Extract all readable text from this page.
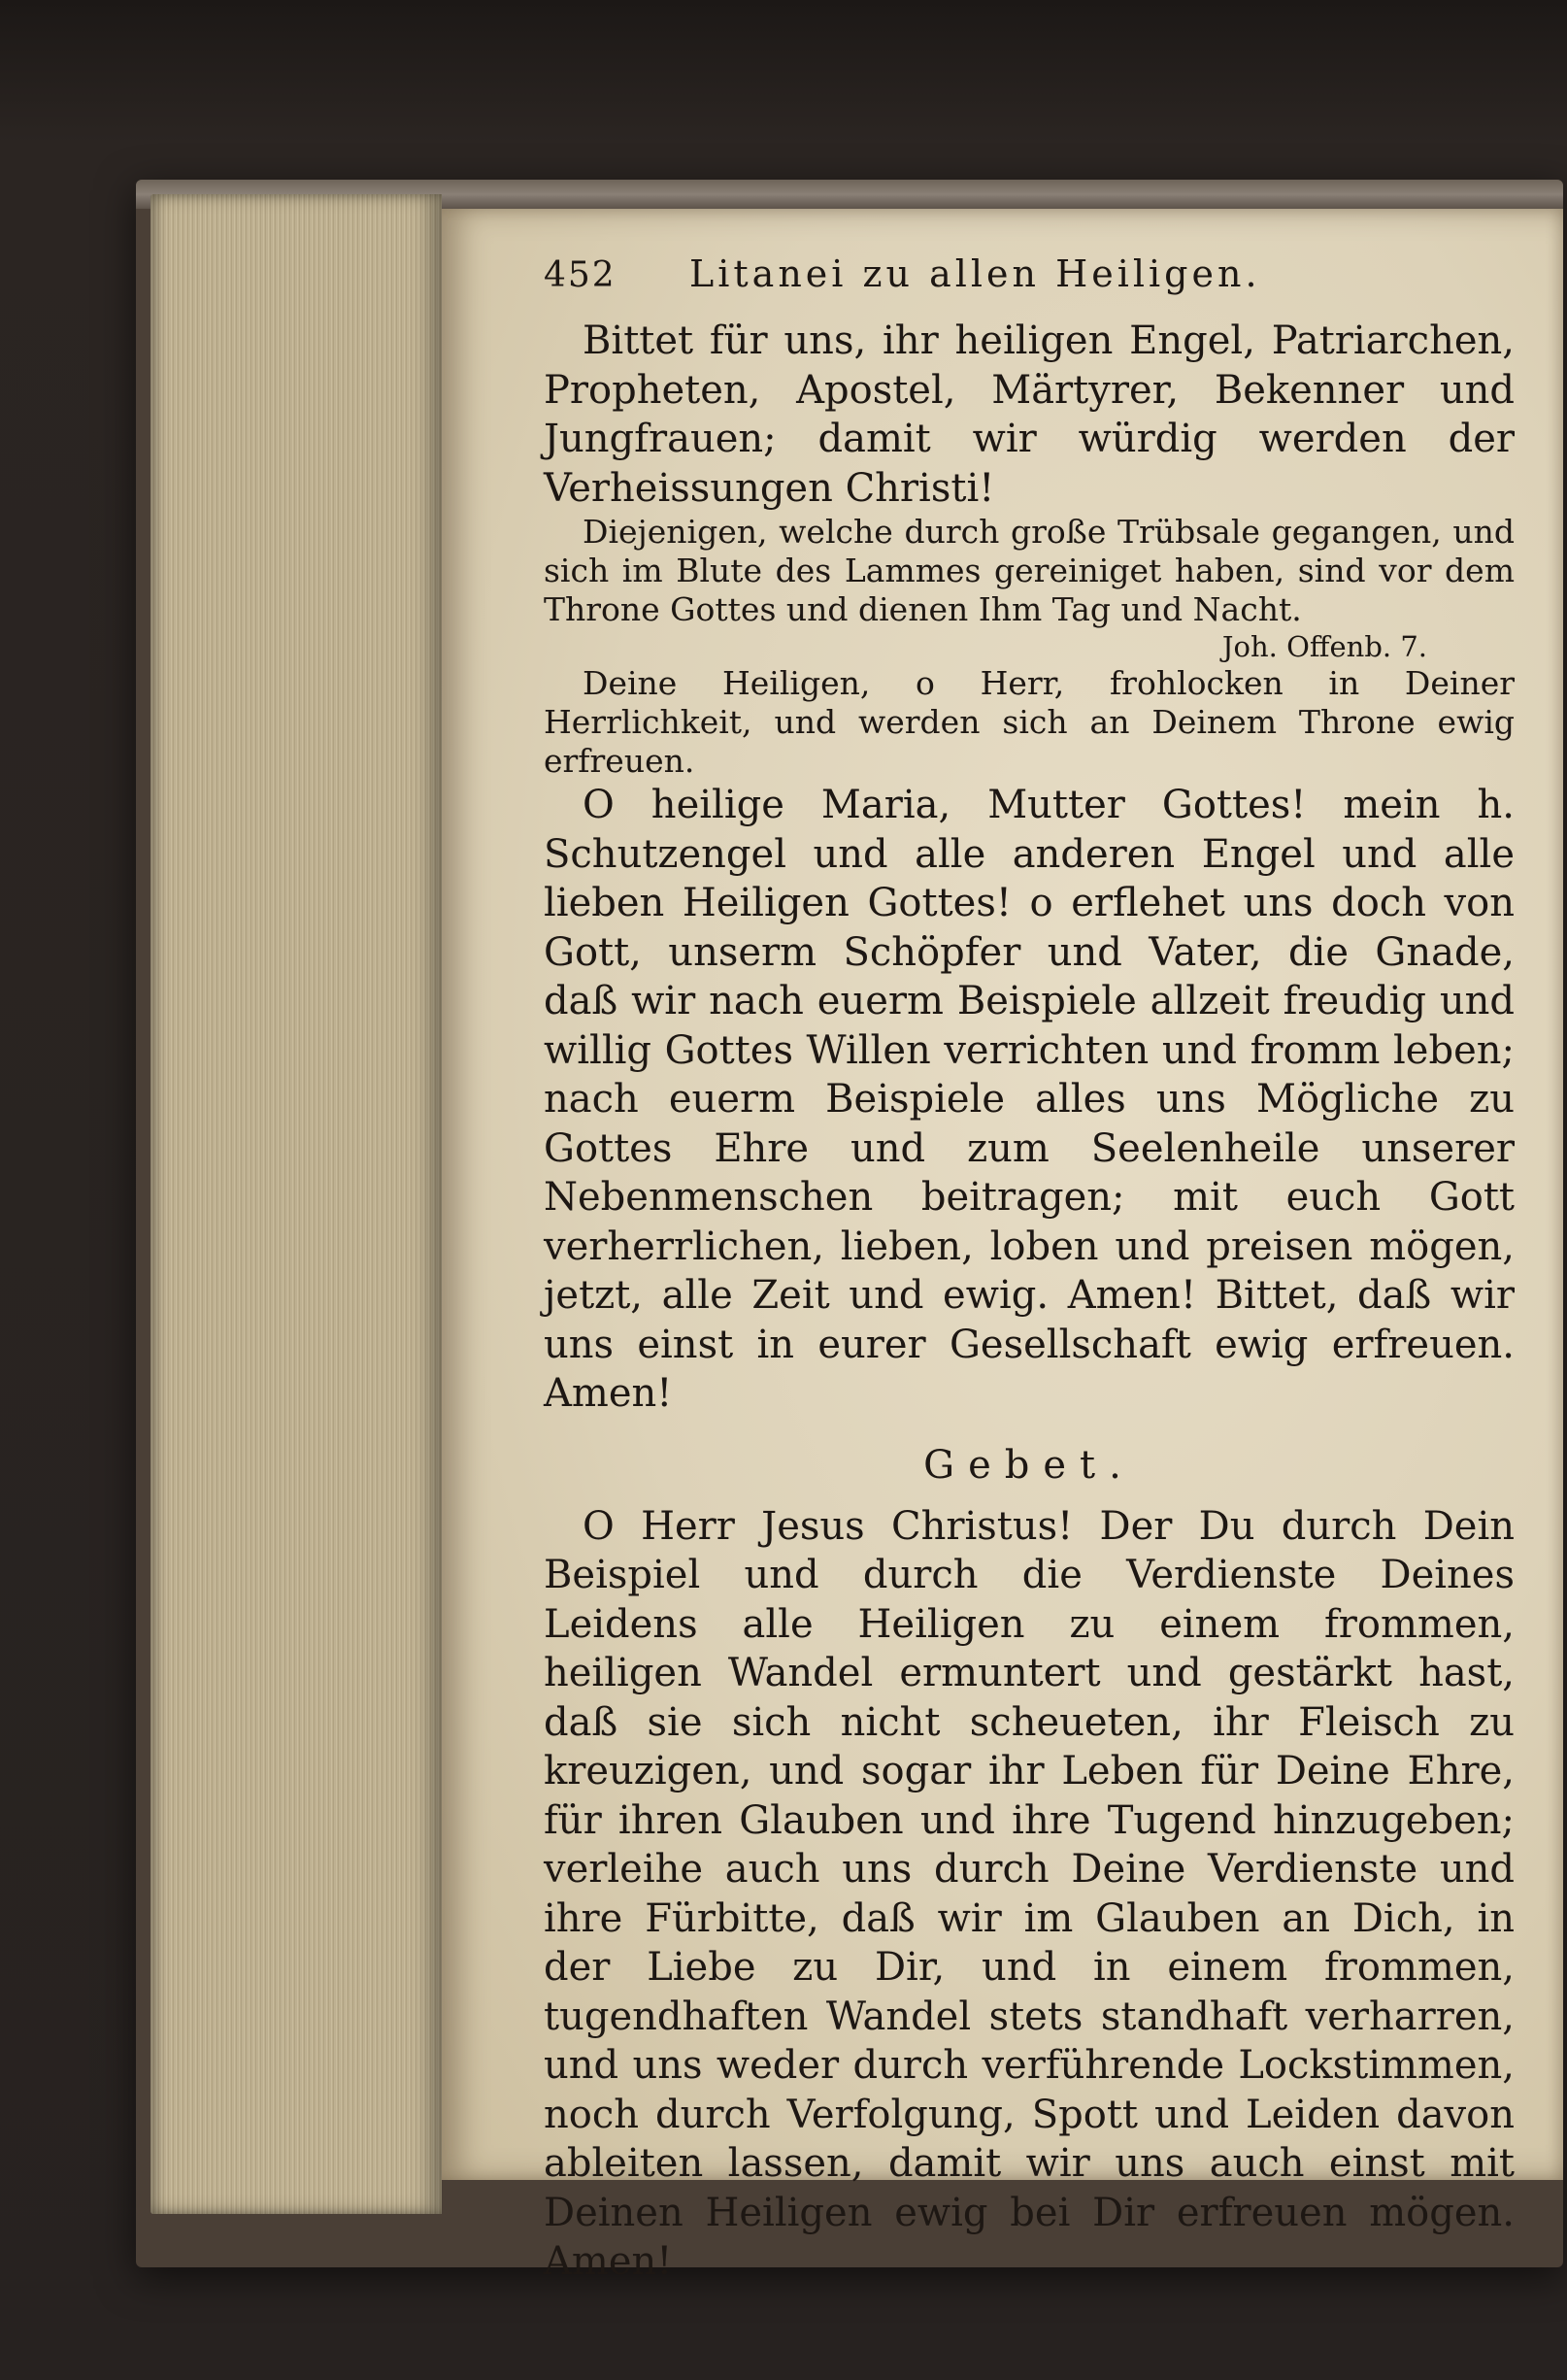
452	Litanei zu allen Heiligen.

Bittet für uns, ihr heiligen Engel, Patriarchen, Propheten, Apostel, Märtyrer, Bekenner und Jungfrauen; damit wir würdig werden der Verheissungen Christi!

Diejenigen, welche durch große Trübsale gegangen, und sich im Blute des Lammes gereiniget haben, sind vor dem Throne Gottes und dienen Ihm Tag und Nacht.

Joh. Offenb. 7.

Deine Heiligen, o Herr, frohlocken in Deiner Herrlichkeit, und werden sich an Deinem Throne ewig erfreuen.

O heilige Maria, Mutter Gottes! mein h. Schutzengel und alle anderen Engel und alle lieben Heiligen Gottes! o erflehet uns doch von Gott, unserm Schöpfer und Vater, die Gnade, daß wir nach euerm Beispiele allzeit freudig und willig Gottes Willen verrichten und fromm leben; nach euerm Beispiele alles uns Mögliche zu Gottes Ehre und zum Seelenheile unserer Nebenmenschen beitragen; mit euch Gott verherrlichen, lieben, loben und preisen mögen, jetzt, alle Zeit und ewig. Amen! Bittet, daß wir uns einst in eurer Gesellschaft ewig erfreuen. Amen!

Gebet.

O Herr Jesus Christus! Der Du durch Dein Beispiel und durch die Verdienste Deines Leidens alle Heiligen zu einem frommen, heiligen Wandel ermuntert und gestärkt hast, daß sie sich nicht scheueten, ihr Fleisch zu kreuzigen, und sogar ihr Leben für Deine Ehre, für ihren Glauben und ihre Tugend hinzugeben; verleihe auch uns durch Deine Verdienste und ihre Fürbitte, daß wir im Glauben an Dich, in der Liebe zu Dir, und in einem frommen, tugendhaften Wandel stets standhaft verharren, und uns weder durch verführende Lockstimmen, noch durch Verfolgung, Spott und Leiden davon ableiten lassen, damit wir uns auch einst mit Deinen Heiligen ewig bei Dir erfreuen mögen. Amen!
